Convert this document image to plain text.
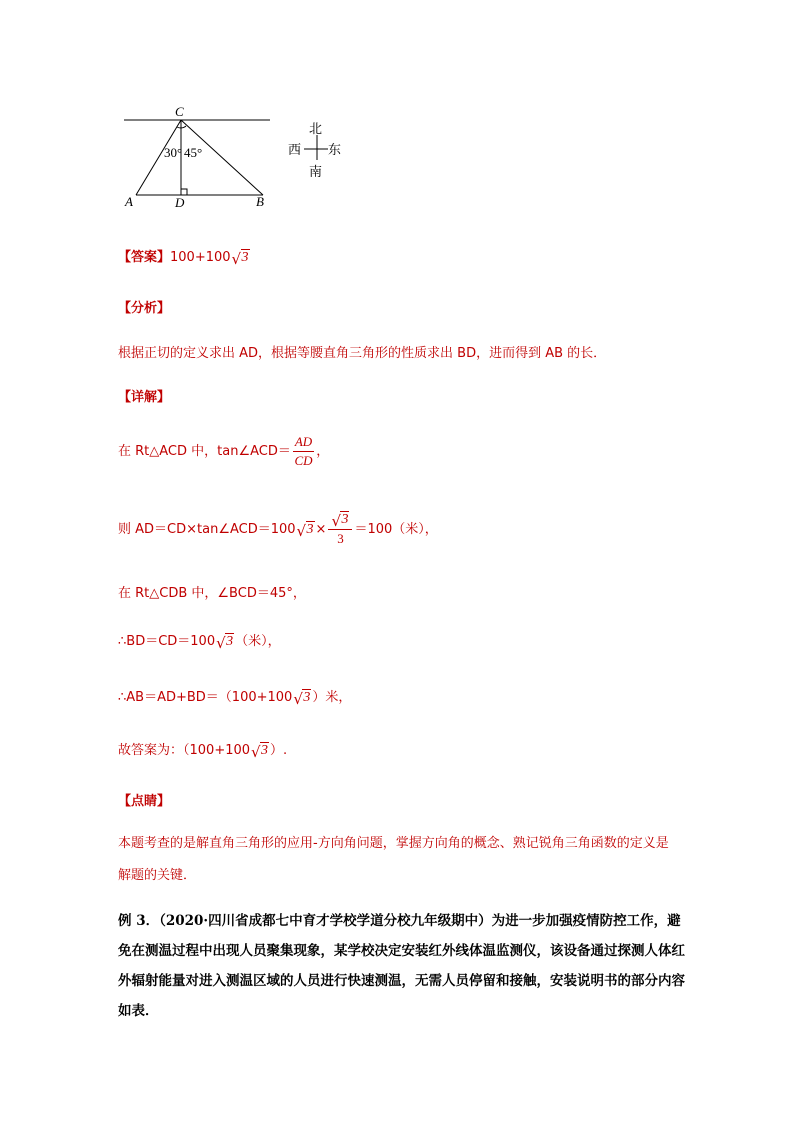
C
30° 45°
A	D	B
北
西 东
南
【答案】100+100 √ 3
【分析】
根据正切的定义求出 AD，根据等腰直角三角形的性质求出 BD，进而得到 AB 的长．
【详解】
在 Rt△ACD 中，tan∠ACD＝ $\frac{AD}{CD}$ ，
则 AD＝CD×tan∠ACD＝100 √ $3 \times \frac{√ 3}{3} =100$（米），
在 Rt△CDB 中，∠BCD＝45°，
∴BD＝CD＝100 √ 3 （米），
∴AB＝AD+BD＝（100+100 √ 3 ）米，
故答案为：（100+100 √ 3 ）.
【点睛】
本题考查的是解直角三角形的应用-方向角问题，掌握方向角的概念、熟记锐角三角函数的定义是解题的关键．
例 3．（2020·四川省成都七中育才学校学道分校九年级期中）为进一步加强疫情防控工作，避免在测温过程中出现人员聚集现象，某学校决定安装红外线体温监测仪，该设备通过探测人体红外辐射能量对进入测温区域的人员进行快速测温，无需人员停留和接触，安装说明书的部分内容如表．
